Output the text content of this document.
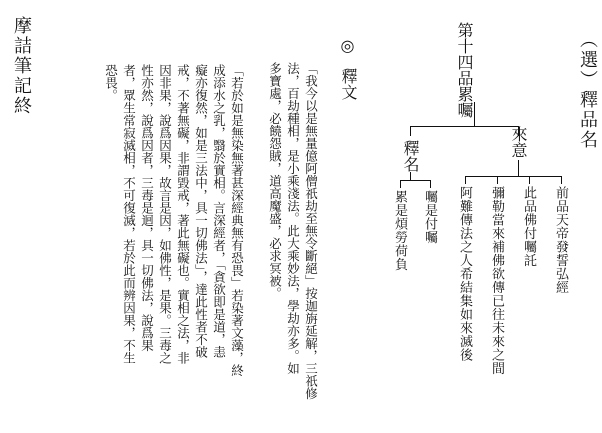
（選）釋品名
第十四品累囑
釋名	來意
囑是付囑
累是煩勞荷負	前品天帝發誓弘經
此品佛付囑託
彌勒當來補佛欲傳已往未來之間
阿難傳法之人希結集如來滅後
◎
釋文
「我今以是無量億阿僧祇劫至無令斷絕」按迦旃延解，三祇修
法，百劫種相，是小乘淺法。此大乘妙法，學劫亦多。如
多寶處，必饒怨賊，道高魔盛，必求冥被。
「若於如是無染無著甚深經典無有恐畏」若染著文藻，終
成添水之乳，翳於實相。言深經者，「貪欲即是道，恚
癡亦復然，如是三法中，具一切佛法」，達此性者不破
戒，不著無礙，非謂毀戒，著此無礙也。實相之法，非
因非果，說爲因果，故言是因，如佛性，是果。三毒之
性亦然，說爲因者，三毒是迴，具一切佛法，說爲果
者，眾生常寂滅相，不可復滅，若於此而辨因果，不生
恐畏。
摩詰筆記終
